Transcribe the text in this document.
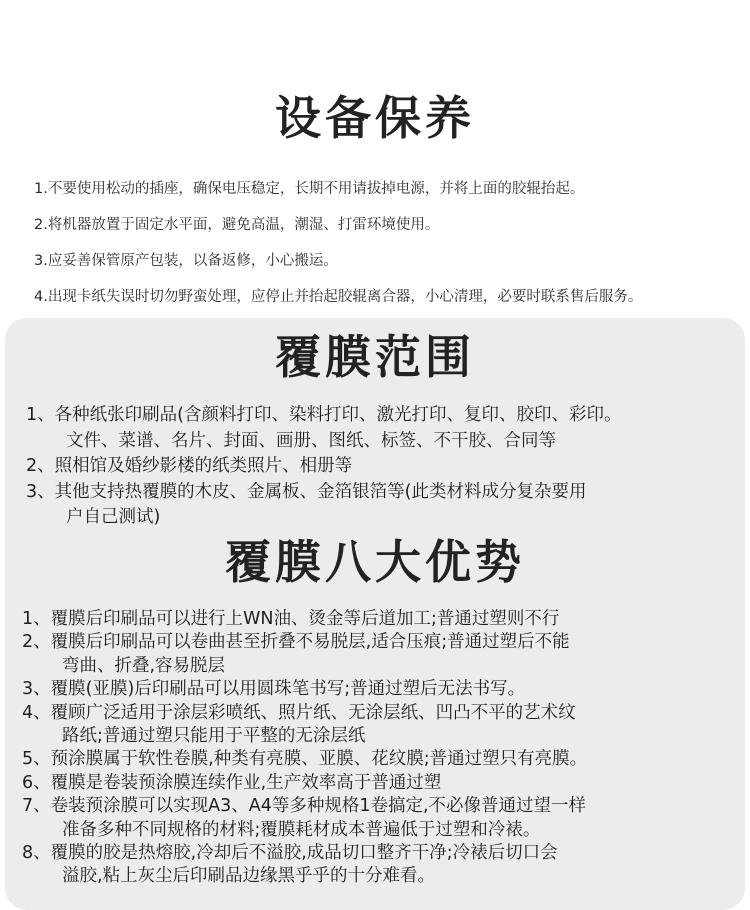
设备保养
1.不要使用松动的插座，确保电压稳定，长期不用请拔掉电源，并将上面的胶辊抬起。
2.将机器放置于固定水平面，避免高温，潮湿、打雷环境使用。
3.应妥善保管原产包装，以备返修，小心搬运。
4.出现卡纸失误时切勿野蛮处理，应停止并抬起胶辊离合器，小心清理，必要时联系售后服务。
覆膜范围
1、各种纸张印刷品(含颜料打印、染料打印、激光打印、复印、胶印、彩印。
文件、菜谱、名片、封面、画册、图纸、标签、不干胶、合同等
2、照相馆及婚纱影楼的纸类照片、相册等
3、其他支持热覆膜的木皮、金属板、金箔银箔等(此类材料成分复杂要用
户自己测试)
覆膜八大优势
1、覆膜后印刷品可以进行上WN油、烫金等后道加工;普通过塑则不行
2、覆膜后印刷品可以卷曲甚至折叠不易脱层,适合压痕;普通过塑后不能
弯曲、折叠,容易脱层
3、覆膜(亚膜)后印刷品可以用圆珠笔书写;普通过塑后无法书写。
4、覆顾广泛适用于涂层彩喷纸、照片纸、无涂层纸、凹凸不平的艺术纹
路纸;普通过塑只能用于平整的无涂层纸
5、预涂膜属于软性卷膜,种类有亮膜、亚膜、花纹膜;普通过塑只有亮膜。
6、覆膜是卷装预涂膜连续作业,生产效率高于普通过塑
7、卷装预涂膜可以实现A3、A4等多种规格1卷搞定,不必像普通过望一样
准备多种不同规格的材料;覆膜耗材成本普遍低于过塑和冷裱。
8、覆膜的胶是热熔胶,冷却后不溢胶,成品切口整齐干净;冷裱后切口会
溢胶,粘上灰尘后印刷品边缘黑乎乎的十分难看。
